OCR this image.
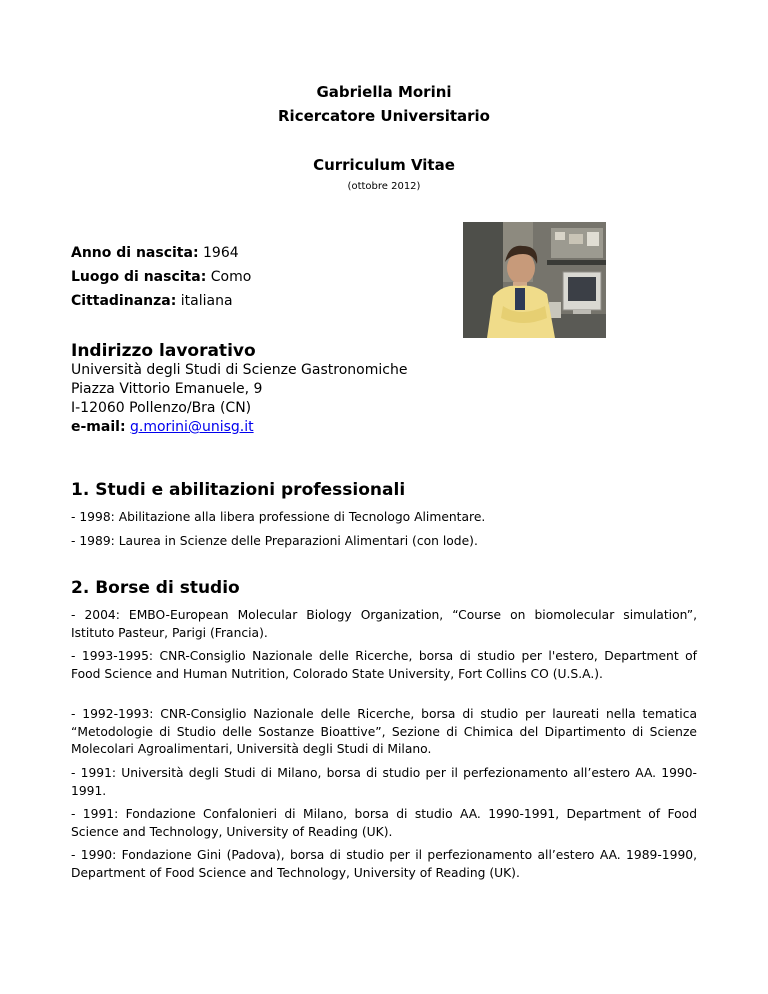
Gabriella Morini
Ricercatore Universitario
Curriculum Vitae
(ottobre 2012)
Anno di nascita: 1964
Luogo di nascita: Como
Cittadinanza: italiana
Indirizzo lavorativo
Università degli Studi di Scienze Gastronomiche
Piazza Vittorio Emanuele, 9
I-12060 Pollenzo/Bra (CN)
e-mail: g.morini@unisg.it
1. Studi e abilitazioni professionali
- 1998: Abilitazione alla libera professione di Tecnologo Alimentare.
- 1989: Laurea in Scienze delle Preparazioni Alimentari (con lode).
2. Borse di studio
- 2004: EMBO-European Molecular Biology Organization, “Course on biomolecular simulation”, Istituto Pasteur, Parigi (Francia).
- 1993-1995: CNR-Consiglio Nazionale delle Ricerche, borsa di studio per l'estero, Department of Food Science and Human Nutrition, Colorado State University, Fort Collins CO (U.S.A.).
- 1992-1993: CNR-Consiglio Nazionale delle Ricerche, borsa di studio per laureati nella tematica “Metodologie di Studio delle Sostanze Bioattive”, Sezione di Chimica del Dipartimento di Scienze Molecolari Agroalimentari, Università degli Studi di Milano.
- 1991: Università degli Studi di Milano, borsa di studio per il perfezionamento all’estero AA. 1990-1991.
- 1991: Fondazione Confalonieri di Milano, borsa di studio AA. 1990-1991, Department of Food Science and Technology, University of Reading (UK).
- 1990: Fondazione Gini (Padova), borsa di studio per il perfezionamento all’estero AA. 1989-1990, Department of Food Science and Technology, University of Reading (UK).
